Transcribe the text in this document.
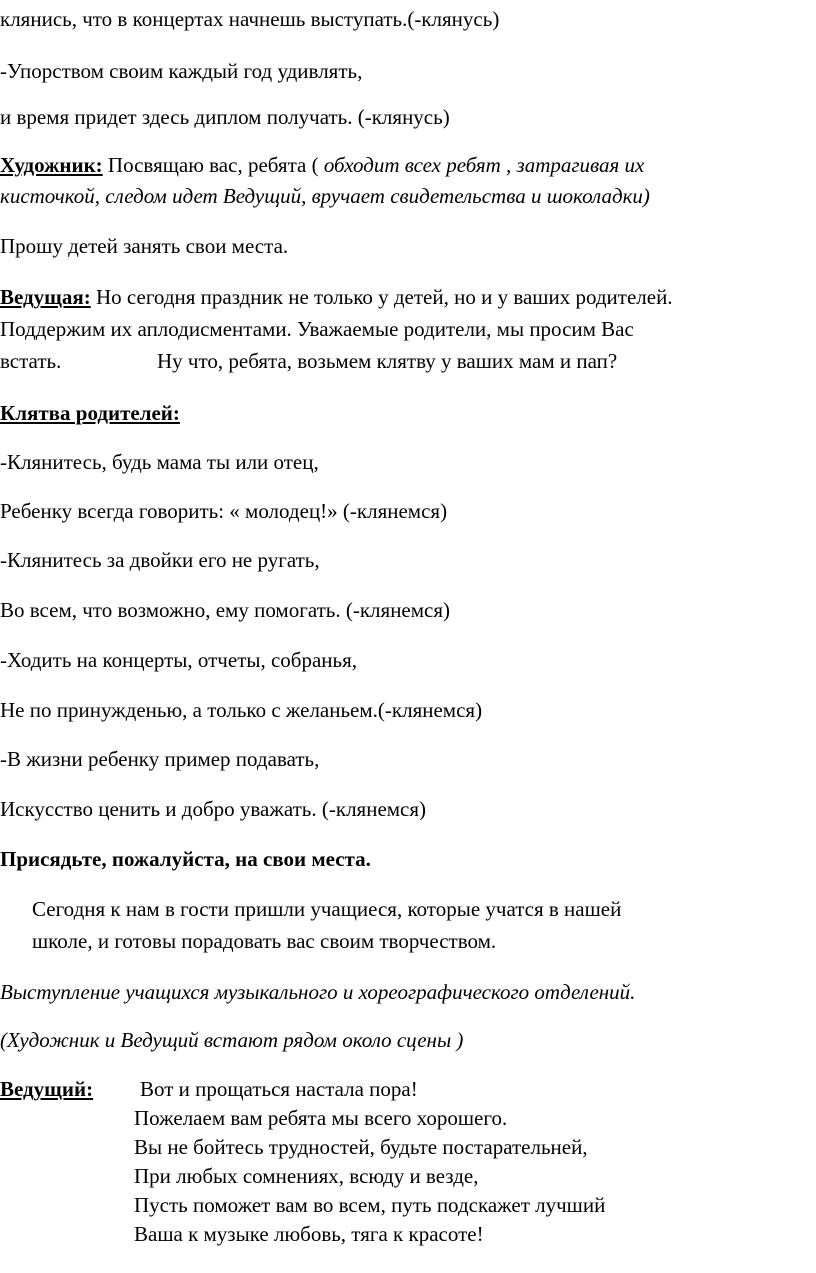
клянись, что в концертах начнешь выступать.(-клянусь)
-Упорством своим каждый год удивлять,
и время придет здесь диплом получать. (-клянусь)
Художник: Посвящаю вас, ребята ( обходит всех ребят , затрагивая их
кисточкой, следом идет Ведущий, вручает свидетельства и шоколадки)
Прошу детей занять свои места.
Ведущая: Но сегодня праздник не только у детей, но и у ваших родителей.
Поддержим их аплодисментами. Уважаемые родители, мы просим Вас
встать.	Ну что, ребята, возьмем клятву у ваших мам и пап?
Клятва родителей:
-Клянитесь, будь мама ты или отец,
Ребенку всегда говорить: « молодец!» (-клянемся)
-Клянитесь за двойки его не ругать,
Во всем, что возможно, ему помогать. (-клянемся)
-Ходить на концерты, отчеты, собранья,
Не по принужденью, а только с желаньем.(-клянемся)
-В жизни ребенку пример подавать,
Искусство ценить и добро уважать. (-клянемся)
Присядьте, пожалуйста, на свои места.
Сегодня к нам в гости пришли учащиеся, которые учатся в нашей
школе, и готовы порадовать вас своим творчеством.
Выступление учащихся музыкального и хореографического отделений.
(Художник и Ведущий встают рядом около сцены )
Ведущий: Вот и прощаться настала пора!
Пожелаем вам ребята мы всего хорошего.
Вы не бойтесь трудностей, будьте постарательней,
При любых сомнениях, всюду и везде,
Пусть поможет вам во всем, путь подскажет лучший
Ваша к музыке любовь, тяга к красоте!
